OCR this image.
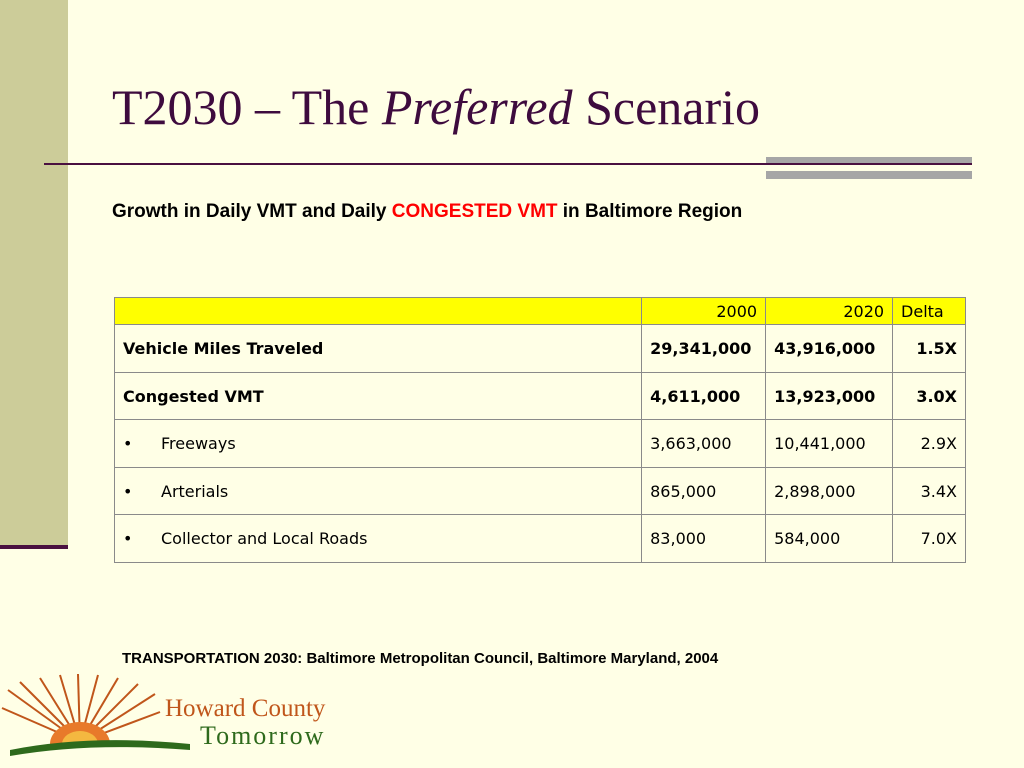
T2030 – The Preferred Scenario

Growth in Daily VMT and Daily CONGESTED VMT in Baltimore Region

	2000	2020	Delta
Vehicle Miles Traveled	29,341,000	43,916,000	1.5X
Congested VMT	4,611,000	13,923,000	3.0X
• Freeways	3,663,000	10,441,000	2.9X
• Arterials	865,000	2,898,000	3.4X
• Collector and Local Roads	83,000	584,000	7.0X

TRANSPORTATION 2030: Baltimore Metropolitan Council, Baltimore Maryland, 2004

Howard County
Tomorrow
